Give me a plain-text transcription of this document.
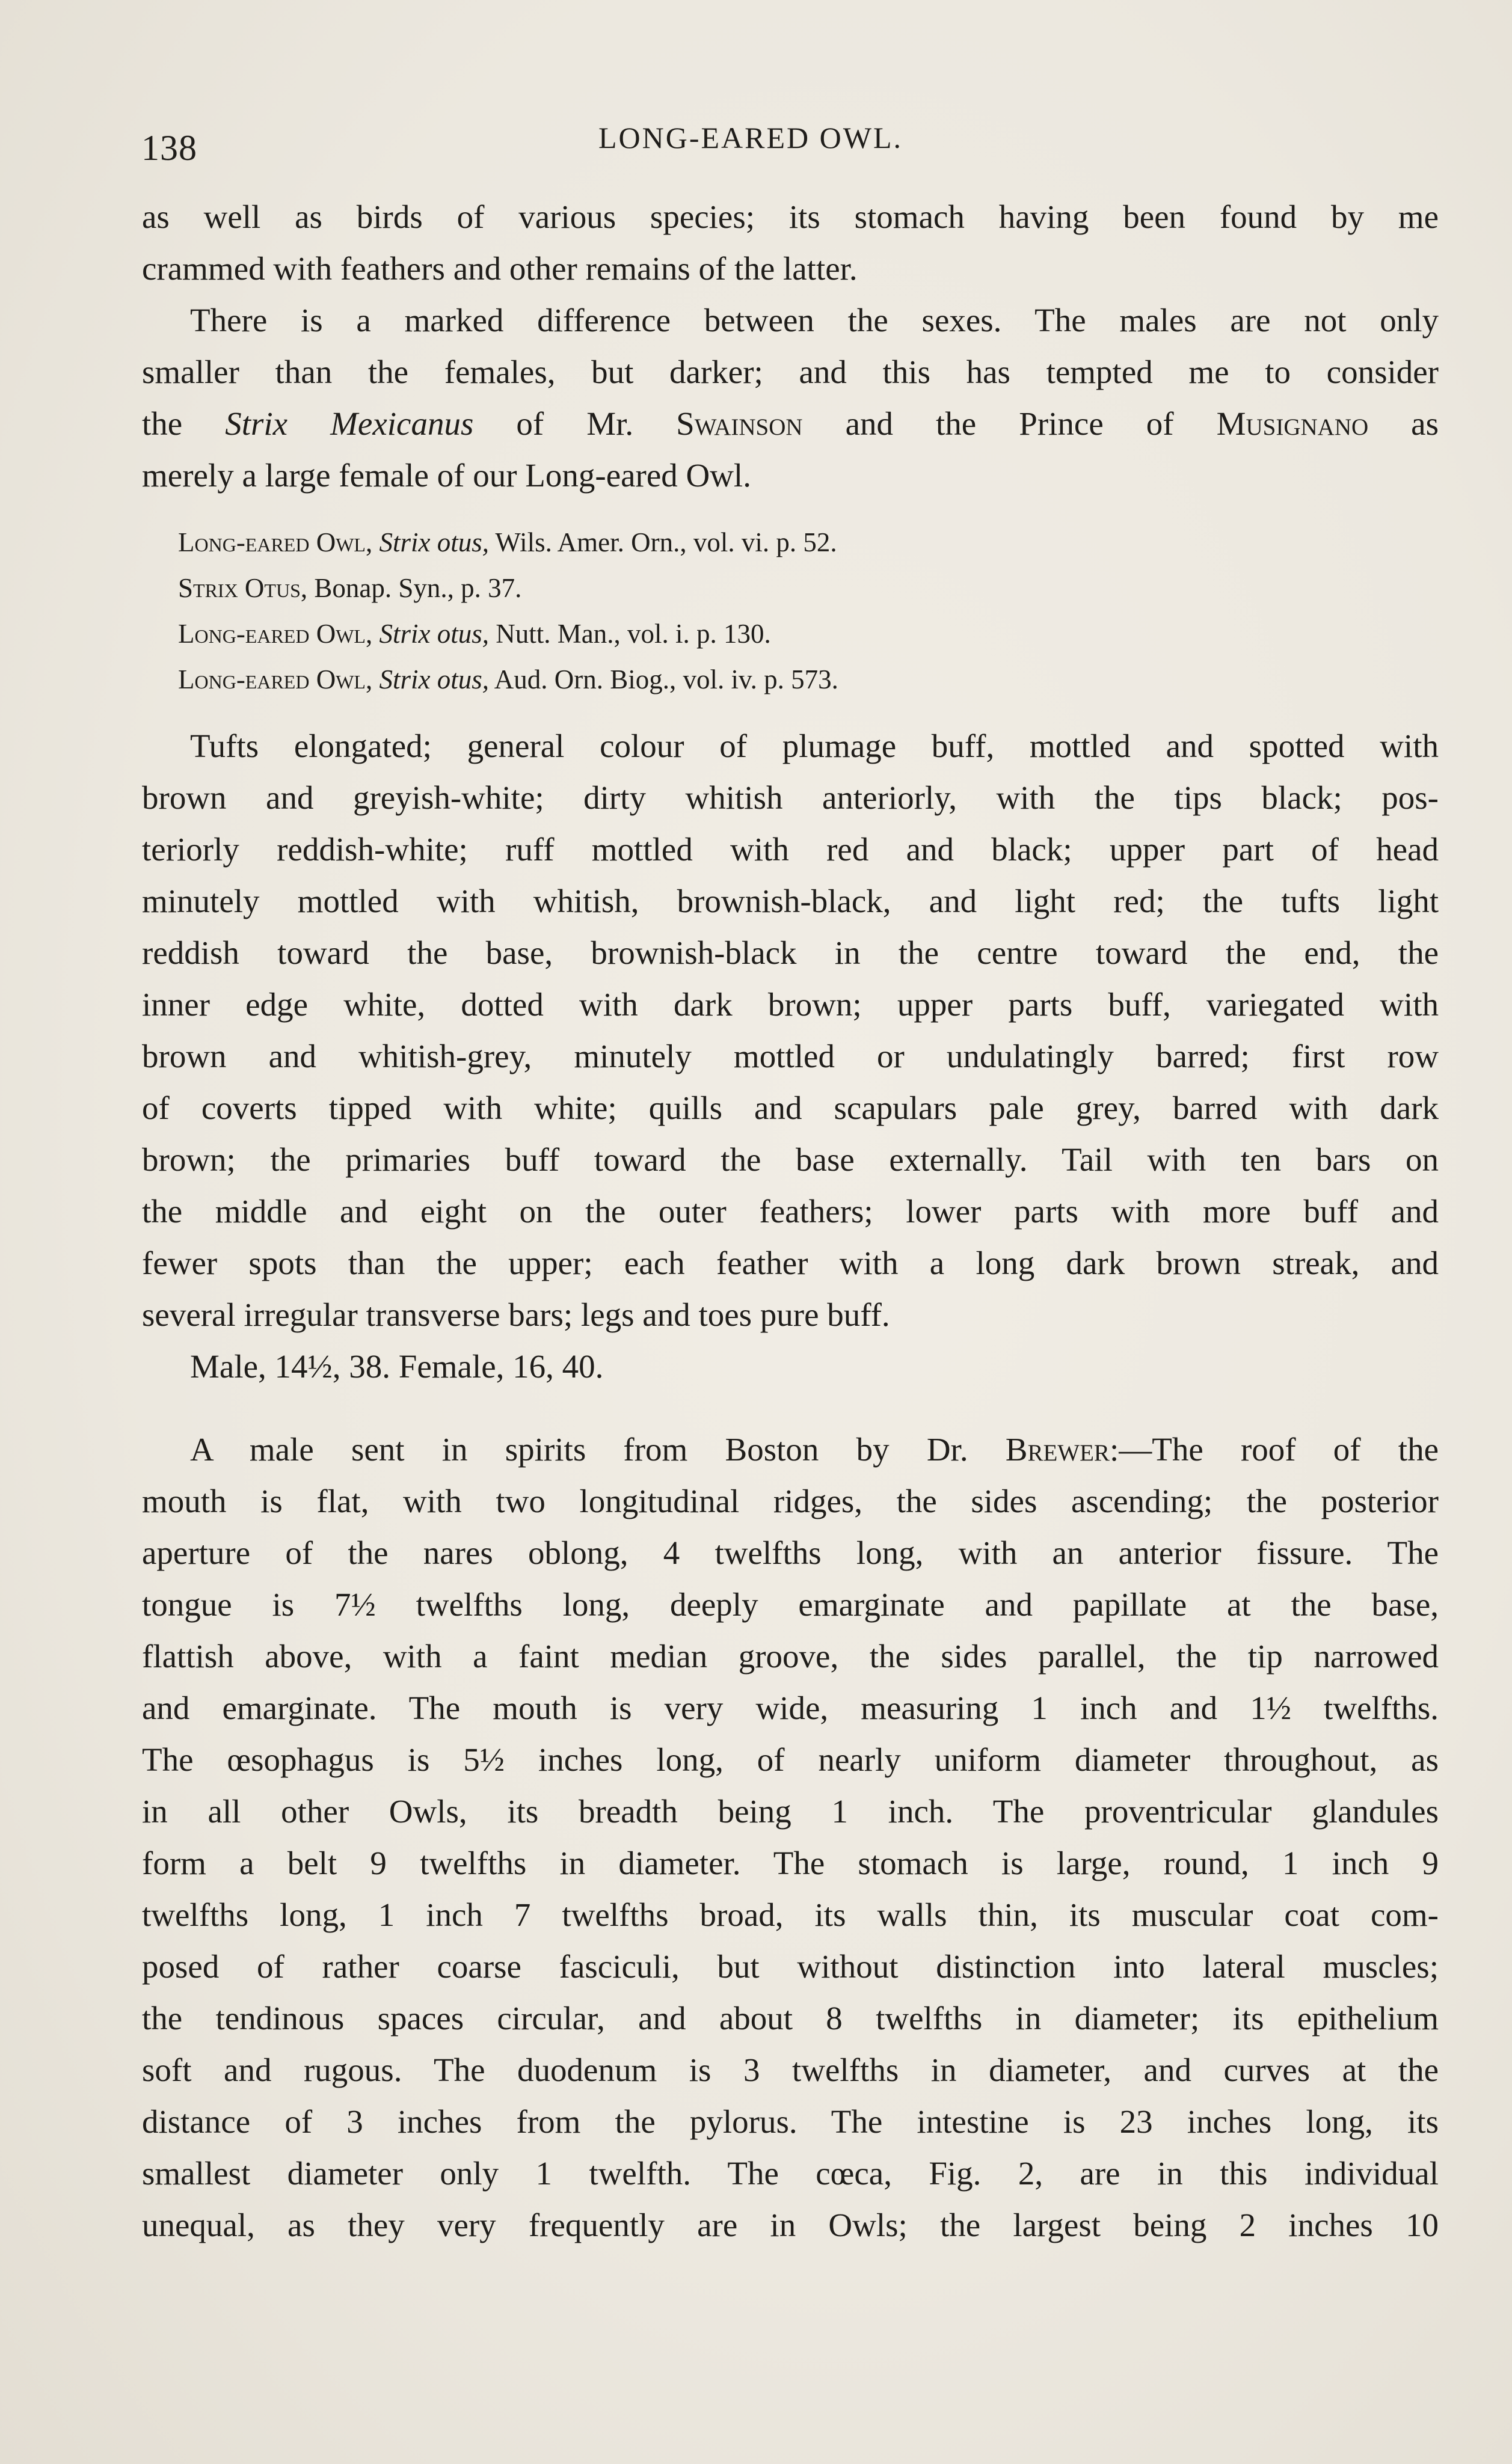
138	LONG-EARED OWL.
as well as birds of various species; its stomach having been found by me
crammed with feathers and other remains of the latter.
There is a marked difference between the sexes. The males are not only
smaller than the females, but darker; and this has tempted me to consider
the Strix Mexicanus of Mr. Swainson and the Prince of Musignano as
merely a large female of our Long-eared Owl.
Long-eared Owl, Strix otus, Wils. Amer. Orn., vol. vi. p. 52.
Strix Otus, Bonap. Syn., p. 37.
Long-eared Owl, Strix otus, Nutt. Man., vol. i. p. 130.
Long-eared Owl, Strix otus, Aud. Orn. Biog., vol. iv. p. 573.
Tufts elongated; general colour of plumage buff, mottled and spotted with
brown and greyish-white; dirty whitish anteriorly, with the tips black; pos-
teriorly reddish-white; ruff mottled with red and black; upper part of head
minutely mottled with whitish, brownish-black, and light red; the tufts light
reddish toward the base, brownish-black in the centre toward the end, the
inner edge white, dotted with dark brown; upper parts buff, variegated with
brown and whitish-grey, minutely mottled or undulatingly barred; first row
of coverts tipped with white; quills and scapulars pale grey, barred with dark
brown; the primaries buff toward the base externally. Tail with ten bars on
the middle and eight on the outer feathers; lower parts with more buff and
fewer spots than the upper; each feather with a long dark brown streak, and
several irregular transverse bars; legs and toes pure buff.
Male, 14½, 38. Female, 16, 40.
A male sent in spirits from Boston by Dr. Brewer:—The roof of the
mouth is flat, with two longitudinal ridges, the sides ascending; the posterior
aperture of the nares oblong, 4 twelfths long, with an anterior fissure. The
tongue is 7½ twelfths long, deeply emarginate and papillate at the base,
flattish above, with a faint median groove, the sides parallel, the tip narrowed
and emarginate. The mouth is very wide, measuring 1 inch and 1½ twelfths.
The œsophagus is 5½ inches long, of nearly uniform diameter throughout, as
in all other Owls, its breadth being 1 inch. The proventricular glandules
form a belt 9 twelfths in diameter. The stomach is large, round, 1 inch 9
twelfths long, 1 inch 7 twelfths broad, its walls thin, its muscular coat com-
posed of rather coarse fasciculi, but without distinction into lateral muscles;
the tendinous spaces circular, and about 8 twelfths in diameter; its epithelium
soft and rugous. The duodenum is 3 twelfths in diameter, and curves at the
distance of 3 inches from the pylorus. The intestine is 23 inches long, its
smallest diameter only 1 twelfth. The cœca, Fig. 2, are in this individual
unequal, as they very frequently are in Owls; the largest being 2 inches 10
